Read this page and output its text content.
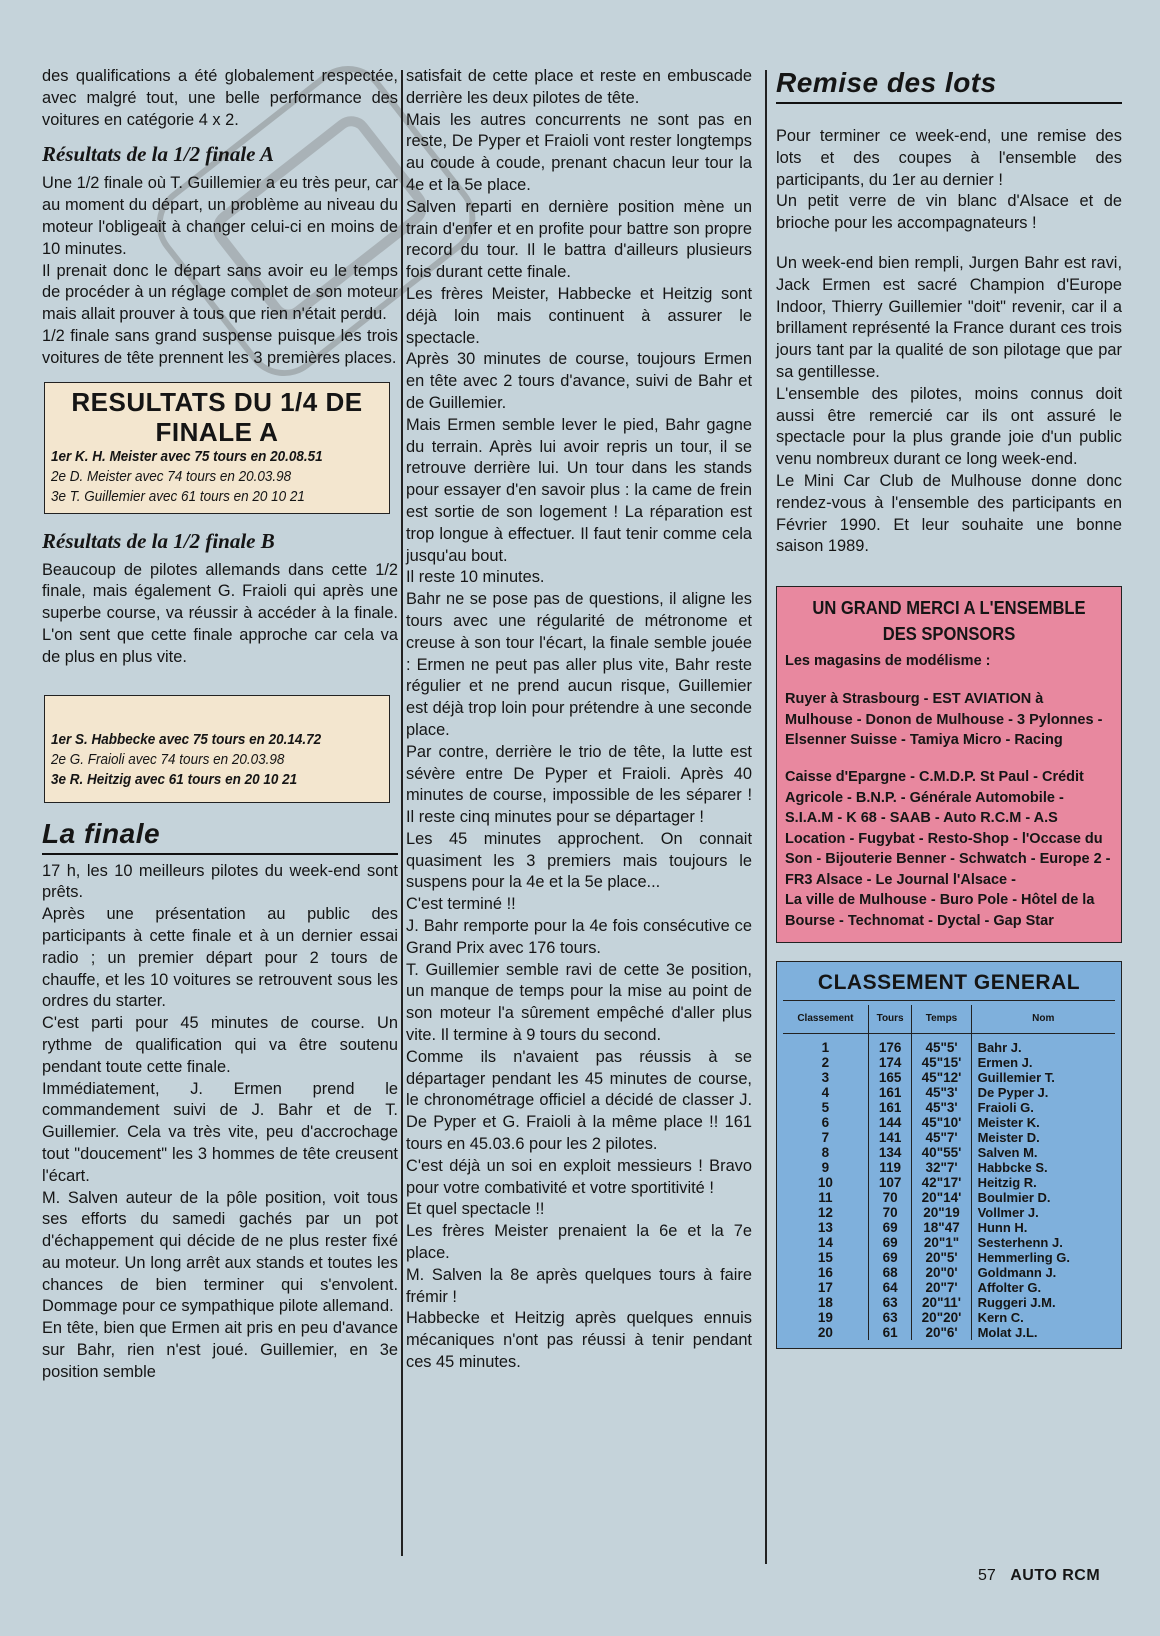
des qualifications a été globalement respectée, avec malgré tout, une belle performance des voitures en catégorie 4 x 2.

Résultats de la 1/2 finale A

Une 1/2 finale où T. Guillemier a eu très peur, car au moment du départ, un problème au niveau du moteur l'obligeait à changer celui-ci en moins de 10 minutes.

Il prenait donc le départ sans avoir eu le temps de procéder à un réglage complet de son moteur mais allait prouver à tous que rien n'était perdu.

1/2 finale sans grand suspense puisque les trois voitures de tête prennent les 3 premières places.

RESULTATS DU 1/4 DE FINALE A
1er K. H. Meister avec 75 tours en 20.08.51
2e D. Meister avec 74 tours en 20.03.98
3e T. Guillemier avec 61 tours en 20 10 21
Résultats de la 1/2 finale B

Beaucoup de pilotes allemands dans cette 1/2 finale, mais également G. Fraioli qui après une superbe course, va réussir à accéder à la finale. L'on sent que cette finale approche car cela va de plus en plus vite.

1er S. Habbecke avec 75 tours en 20.14.72
2e G. Fraioli avec 74 tours en 20.03.98
3e R. Heitzig avec 61 tours en 20 10 21
La finale

17 h, les 10 meilleurs pilotes du week-end sont prêts.

Après une présentation au public des participants à cette finale et à un dernier essai radio ; un premier départ pour 2 tours de chauffe, et les 10 voitures se retrouvent sous les ordres du starter.

C'est parti pour 45 minutes de course. Un rythme de qualification qui va être soutenu pendant toute cette finale.

Immédiatement, J. Ermen prend le commandement suivi de J. Bahr et de T. Guillemier. Cela va très vite, peu d'accrochage tout "doucement" les 3 hommes de tête creusent l'écart.

M. Salven auteur de la pôle position, voit tous ses efforts du samedi gachés par un pot d'échappement qui décide de ne plus rester fixé au moteur. Un long arrêt aux stands et toutes les chances de bien terminer qui s'envolent. Dommage pour ce sympathique pilote allemand.

En tête, bien que Ermen ait pris en peu d'avance sur Bahr, rien n'est joué. Guillemier, en 3e position semble

satisfait de cette place et reste en embuscade derrière les deux pilotes de tête.

Mais les autres concurrents ne sont pas en reste, De Pyper et Fraioli vont rester longtemps au coude à coude, prenant chacun leur tour la 4e et la 5e place.

Salven reparti en dernière position mène un train d'enfer et en profite pour battre son propre record du tour. Il le battra d'ailleurs plusieurs fois durant cette finale.

Les frères Meister, Habbecke et Heitzig sont déjà loin mais continuent à assurer le spectacle.

Après 30 minutes de course, toujours Ermen en tête avec 2 tours d'avance, suivi de Bahr et de Guillemier.

Mais Ermen semble lever le pied, Bahr gagne du terrain. Après lui avoir repris un tour, il se retrouve derrière lui. Un tour dans les stands pour essayer d'en savoir plus : la came de frein est sortie de son logement ! La réparation est trop longue à effectuer. Il faut tenir comme cela jusqu'au bout.

Il reste 10 minutes.

Bahr ne se pose pas de questions, il aligne les tours avec une régularité de métronome et creuse à son tour l'écart, la finale semble jouée : Ermen ne peut pas aller plus vite, Bahr reste régulier et ne prend aucun risque, Guillemier est déjà trop loin pour prétendre à une seconde place.

Par contre, derrière le trio de tête, la lutte est sévère entre De Pyper et Fraioli. Après 40 minutes de course, impossible de les séparer ! Il reste cinq minutes pour se départager !

Les 45 minutes approchent. On connait quasiment les 3 premiers mais toujours le suspens pour la 4e et la 5e place...

C'est terminé !!

J. Bahr remporte pour la 4e fois consécutive ce Grand Prix avec 176 tours.

T. Guillemier semble ravi de cette 3e position, un manque de temps pour la mise au point de son moteur l'a sûrement empêché d'aller plus vite. Il termine à 9 tours du second.

Comme ils n'avaient pas réussis à se départager pendant les 45 minutes de course, le chronométrage officiel a décidé de classer J. De Pyper et G. Fraioli à la même place !! 161 tours en 45.03.6 pour les 2 pilotes.

C'est déjà un soi en exploit messieurs ! Bravo pour votre combativité et votre sportitivité !

Et quel spectacle !!

Les frères Meister prenaient la 6e et la 7e place.

M. Salven la 8e après quelques tours à faire frémir !

Habbecke et Heitzig après quelques ennuis mécaniques n'ont pas réussi à tenir pendant ces 45 minutes.

Remise des lots

Pour terminer ce week-end, une remise des lots et des coupes à l'ensemble des participants, du 1er au dernier !

Un petit verre de vin blanc d'Alsace et de brioche pour les accompagnateurs !

Un week-end bien rempli, Jurgen Bahr est ravi, Jack Ermen est sacré Champion d'Europe Indoor, Thierry Guillemier "doit" revenir, car il a brillament représenté la France durant ces trois jours tant par la qualité de son pilotage que par sa gentillesse.

L'ensemble des pilotes, moins connus doit aussi être remercié car ils ont assuré le spectacle pour la plus grande joie d'un public venu nombreux durant ce long week-end.

Le Mini Car Club de Mulhouse donne donc rendez-vous à l'ensemble des participants en Février 1990. Et leur souhaite une bonne saison 1989.

UN GRAND MERCI A L'ENSEMBLE DES SPONSORS
Les magasins de modélisme :
Ruyer à Strasbourg - EST AVIATION à Mulhouse - Donon de Mulhouse - 3 Pylonnes - Elsenner Suisse - Tamiya Micro - Racing
Caisse d'Epargne - C.M.D.P. St Paul - Crédit Agricole - B.N.P. - Générale Automobile - S.I.A.M - K 68 - SAAB - Auto R.C.M - A.S Location - Fugybat - Resto-Shop - l'Occase du Son - Bijouterie Benner - Schwatch - Europe 2 - FR3 Alsace - Le Journal l'Alsace -
La ville de Mulhouse - Buro Pole - Hôtel de la Bourse - Technomat - Dyctal - Gap Star
CLASSEMENT GENERAL
Classement	Tours	Temps	Nom
1	176	45"5'	Bahr J.
2	174	45"15'	Ermen J.
3	165	45"12'	Guillemier T.
4	161	45"3'	De Pyper J.
5	161	45"3'	Fraioli G.
6	144	45"10'	Meister K.
7	141	45"7'	Meister D.
8	134	40"55'	Salven M.
9	119	32"7'	Habbcke S.
10	107	42"17'	Heitzig R.
11	70	20"14'	Boulmier D.
12	70	20"19	Vollmer J.
13	69	18"47	Hunn H.
14	69	20"1"	Sesterhenn J.
15	69	20"5'	Hemmerling G.
16	68	20"0'	Goldmann J.
17	64	20"7'	Affolter G.
18	63	20"11'	Ruggeri J.M.
19	63	20"20'	Kern C.
20	61	20"6'	Molat J.L.
57 AUTO RCM
